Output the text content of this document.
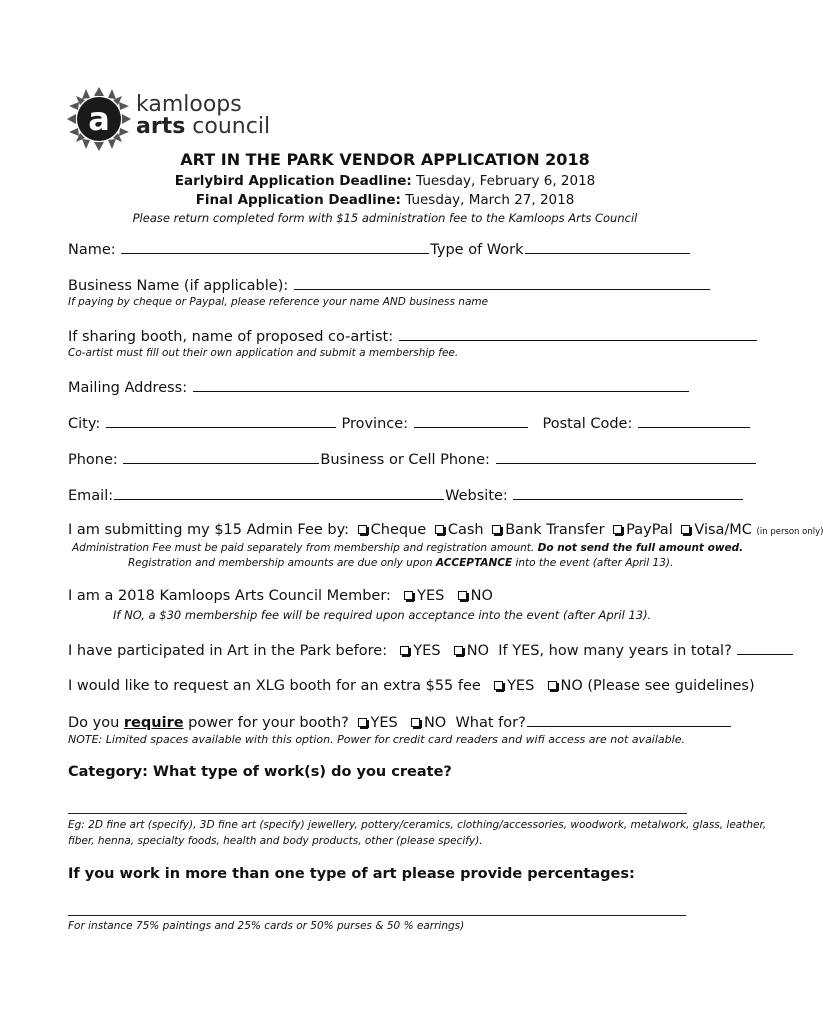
a kamloops
arts council
ART IN THE PARK VENDOR APPLICATION 2018
Earlybird Application Deadline: Tuesday, February 6, 2018
Final Application Deadline: Tuesday, March 27, 2018
Please return completed form with $15 administration fee to the Kamloops Arts Council
Name:	Type of Work
Business Name (if applicable):
If paying by cheque or Paypal, please reference your name AND business name
If sharing booth, name of proposed co-artist:
Co-artist must fill out their own application and submit a membership fee.
Mailing Address:
City:	Province:	Postal Code:
Phone:	Business or Cell Phone:
Email:	Website:
I am submitting my $15 Admin Fee by: Cheque Cash Bank Transfer PayPal Visa/MC (in person only)
Administration Fee must be paid separately from membership and registration amount. Do not send the full amount owed.
Registration and membership amounts are due only upon ACCEPTANCE into the event (after April 13).
I am a 2018 Kamloops Arts Council Member: YES NO
If NO, a $30 membership fee will be required upon acceptance into the event (after April 13).
I have participated in Art in the Park before: YES NO If YES, how many years in total?
I would like to request an XLG booth for an extra $55 fee YES NO (Please see guidelines)
Do you require power for your booth? YES NO What for?
NOTE: Limited spaces available with this option. Power for credit card readers and wifi access are not available.
Category: What type of work(s) do you create?
Eg: 2D fine art (specify), 3D fine art (specify) jewellery, pottery/ceramics, clothing/accessories, woodwork, metalwork, glass, leather,
fiber, henna, specialty foods, health and body products, other (please specify).
If you work in more than one type of art please provide percentages:
For instance 75% paintings and 25% cards or 50% purses & 50 % earrings)
